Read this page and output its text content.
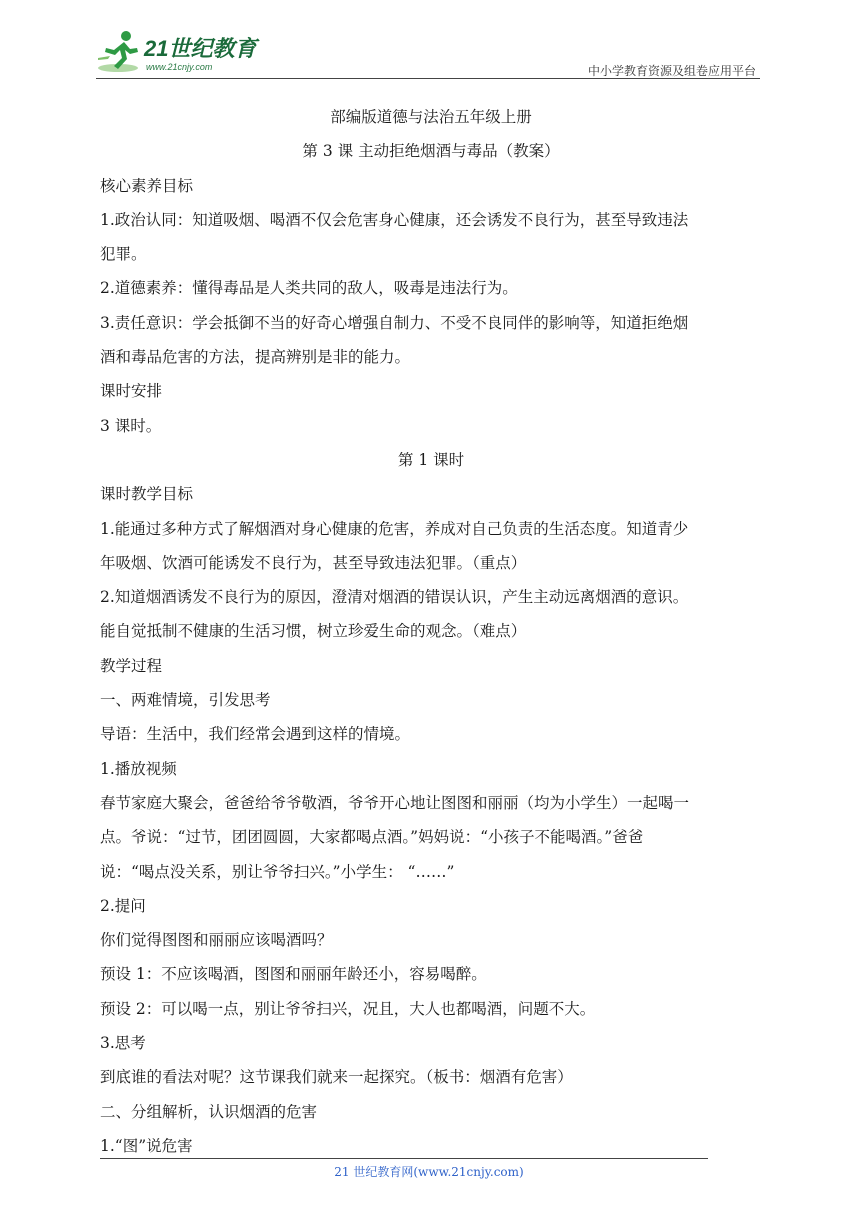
21世纪教育
www.21cnjy.com	中小学教育资源及组卷应用平台
部编版道德与法治五年级上册
第 3 课 主动拒绝烟酒与毒品（教案）
核心素养目标
1.政治认同：知道吸烟、喝酒不仅会危害身心健康，还会诱发不良行为，甚至导致违法
犯罪。
2.道德素养：懂得毒品是人类共同的敌人，吸毒是违法行为。
3.责任意识：学会抵御不当的好奇心增强自制力、不受不良同伴的影响等，知道拒绝烟
酒和毒品危害的方法，提高辨别是非的能力。
课时安排
3 课时。
第 1 课时
课时教学目标
1.能通过多种方式了解烟酒对身心健康的危害，养成对自己负责的生活态度。知道青少
年吸烟、饮酒可能诱发不良行为，甚至导致违法犯罪。（重点）
2.知道烟酒诱发不良行为的原因，澄清对烟酒的错误认识，产生主动远离烟酒的意识。
能自觉抵制不健康的生活习惯，树立珍爱生命的观念。（难点）
教学过程
一、两难情境，引发思考
导语：生活中，我们经常会遇到这样的情境。
1.播放视频
春节家庭大聚会，爸爸给爷爷敬酒，爷爷开心地让图图和丽丽（均为小学生）一起喝一
点。爷说：“过节，团团圆圆，大家都喝点酒。”妈妈说：“小孩子不能喝酒。”爸爸
说：“喝点没关系，别让爷爷扫兴。”小学生： “……”
2.提问
你们觉得图图和丽丽应该喝酒吗？
预设 1：不应该喝酒，图图和丽丽年龄还小，容易喝醉。
预设 2：可以喝一点，别让爷爷扫兴，况且，大人也都喝酒，问题不大。
3.思考
到底谁的看法对呢？这节课我们就来一起探究。（板书：烟酒有危害）
二、分组解析，认识烟酒的危害
1.“图”说危害
21 世纪教育网(www.21cnjy.com)
